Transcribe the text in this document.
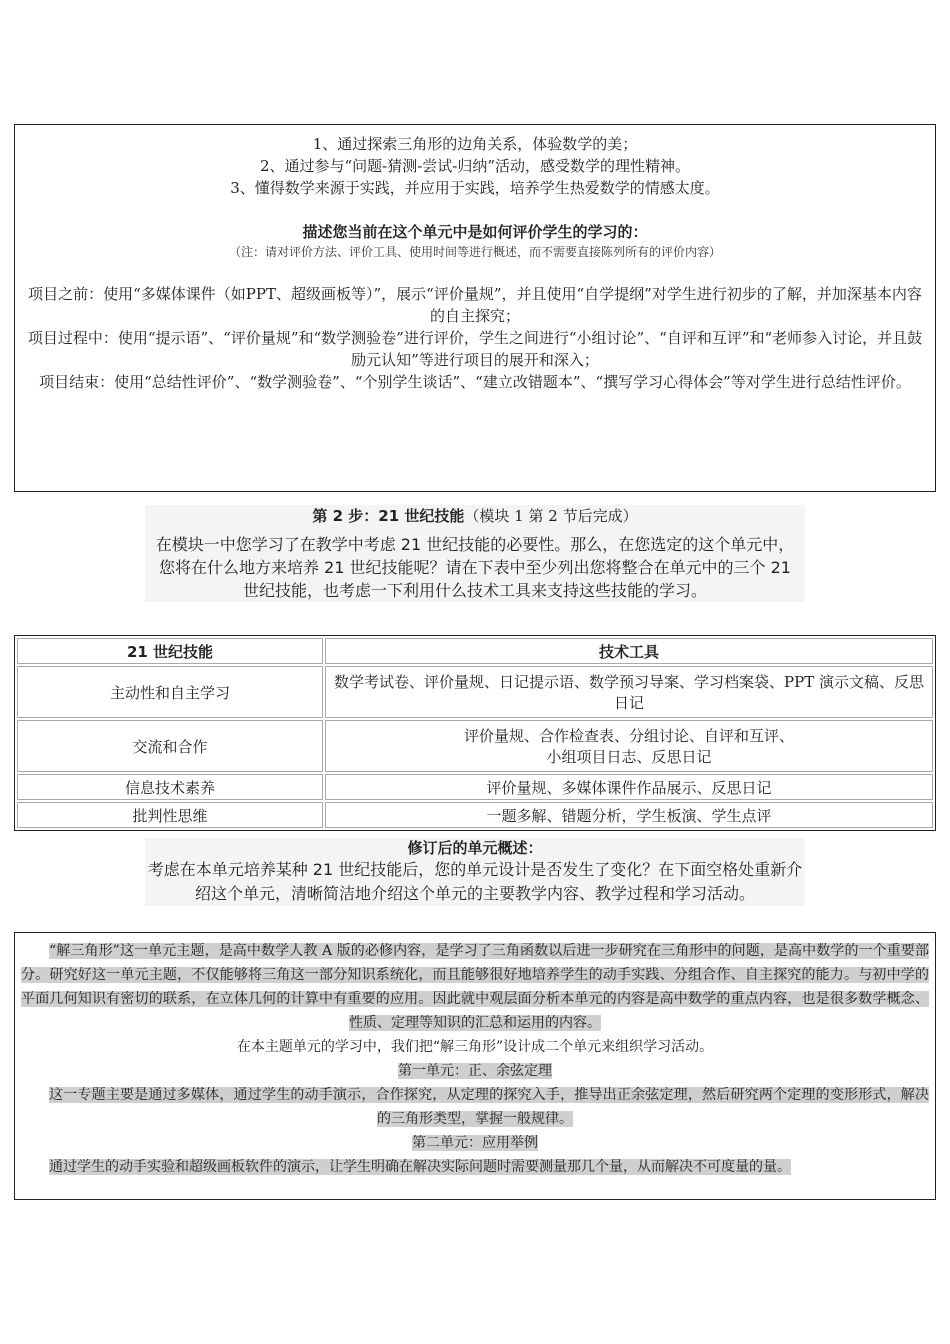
1、通过探索三角形的边角关系，体验数学的美；

2、通过参与“问题-猜测-尝试-归纳”活动，感受数学的理性精神。

3、懂得数学来源于实践，并应用于实践，培养学生热爱数学的情感太度。

描述您当前在这个单元中是如何评价学生的学习的：

（注：请对评价方法、评价工具、使用时间等进行概述，而不需要直接陈列所有的评价内容）

项目之前：使用“多媒体课件（如PPT、超级画板等）”，展示“评价量规”，并且使用“自学提纲”对学生进行初步的了解，并加深基本内容的自主探究；

项目过程中：使用“提示语”、“评价量规”和“数学测验卷”进行评价，学生之间进行“小组讨论”、“自评和互评”和“老师参入讨论，并且鼓励元认知”等进行项目的展开和深入；

项目结束：使用“总结性评价”、“数学测验卷”、“个别学生谈话”、“建立改错题本”、“撰写学习心得体会”等对学生进行总结性评价。

第 2 步：21 世纪技能（模块 1 第 2 节后完成）

在模块一中您学习了在教学中考虑 21 世纪技能的必要性。那么，在您选定的这个单元中，您将在什么地方来培养 21 世纪技能呢？请在下表中至少列出您将整合在单元中的三个 21 世纪技能，也考虑一下利用什么技术工具来支持这些技能的学习。

21 世纪技能	技术工具
主动性和自主学习	数学考试卷、评价量规、日记提示语、数学预习导案、学习档案袋、PPT 演示文稿、反思日记
交流和合作	评价量规、合作检查表、分组讨论、自评和互评、小组项目日志、反思日记
信息技术素养	评价量规、多媒体课件作品展示、反思日记
批判性思维	一题多解、错题分析，学生板演、学生点评

修订后的单元概述：

考虑在本单元培养某种 21 世纪技能后，您的单元设计是否发生了变化？在下面空格处重新介绍这个单元，清晰简洁地介绍这个单元的主要教学内容、教学过程和学习活动。

“解三角形”这一单元主题，是高中数学人教 A 版的必修内容，是学习了三角函数以后进一步研究在三角形中的问题，是高中数学的一个重要部分。研究好这一单元主题，不仅能够将三角这一部分知识系统化，而且能够很好地培养学生的动手实践、分组合作、自主探究的能力。与初中学的平面几何知识有密切的联系，在立体几何的计算中有重要的应用。因此就中观层面分析本单元的内容是高中数学的重点内容，也是很多数学概念、性质、定理等知识的汇总和运用的内容。

在本主题单元的学习中，我们把“解三角形”设计成二个单元来组织学习活动。

第一单元：正、余弦定理

这一专题主要是通过多媒体，通过学生的动手演示，合作探究，从定理的探究入手，推导出正余弦定理，然后研究两个定理的变形形式，解决的三角形类型，掌握一般规律。

第二单元：应用举例

通过学生的动手实验和超级画板软件的演示，让学生明确在解决实际问题时需要测量那几个量，从而解决不可度量的量。
